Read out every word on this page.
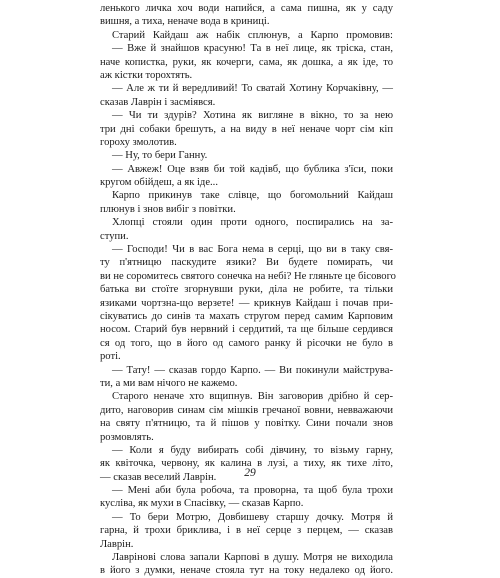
ленького личка хоч води напийся, а сама пишна, як у саду
вишня, а тиха, неначе вода в криниці.
Старий Кайдаш аж набік сплюнув, а Карпо промовив:
— Вже й знайшов красуню! Та в неї лице, як тріска, стан,
наче копистка, руки, як кочерги, сама, як дошка, а як іде, то
аж кістки торохтять.
— Але ж ти й вередливий! То сватай Хотину Корчаківну, —
сказав Лаврін і засміявся.
— Чи ти здурів? Хотина як вигляне в вікно, то за нею
три дні собаки брешуть, а на виду в неї неначе чорт сім кіп
гороху змолотив.
— Ну, то бери Ганну.
— Авжеж! Оце взяв би той кадівб, що бублика з'їси, поки
кругом обійдеш, а як іде...
Карпо прикинув таке слівце, що богомольний Кайдаш
плюнув і знов вибіг з повітки.
Хлопці стояли один проти одного, поспирались на за-
ступи.
— Господи! Чи в вас Бога нема в серці, що ви в таку свя-
ту п'ятницю паскудите язики? Ви будете помирать, чи
ви не соромитесь святого сонечка на небі? Не гляньте це бісового
батька ви стоїте згорнувши руки, діла не робите, та тільки
язиками чортзна-що верзете! — крикнув Кайдаш і почав при-
сікуватись до синів та махать стругом перед самим Карповим
носом. Старий був нервний і сердитий, та ще більше сердився
ся од того, що в його од самого ранку й рісочки не було в
роті.
— Тату! — сказав гордо Карпо. — Ви покинули майструва-
ти, а ми вам нічого не кажемо.
Старого неначе хто вщипнув. Він заговорив дрібно й сер-
дито, наговорив синам сім мішків гречаної вовни, невважаючи
на святу п'ятницю, та й пішов у повітку. Сини почали знов
розмовлять.
— Коли я буду вибирать собі дівчину, то візьму гарну,
як квіточка, червону, як калина в лузі, а тиху, як тихе літо,
— сказав веселий Лаврін.
— Мені аби була робоча, та проворна, та щоб була трохи
кусліва, як мухи в Спасівку, — сказав Карпо.
— То бери Мотрю, Довбишеву старшу дочку. Мотря й
гарна, й трохи бриклива, і в неї серце з перцем, — сказав
Лаврін.
Лаврінові слова запали Карпові в душу. Мотря не виходила
в його з думки, неначе стояла тут на току недалеко од його.
29
